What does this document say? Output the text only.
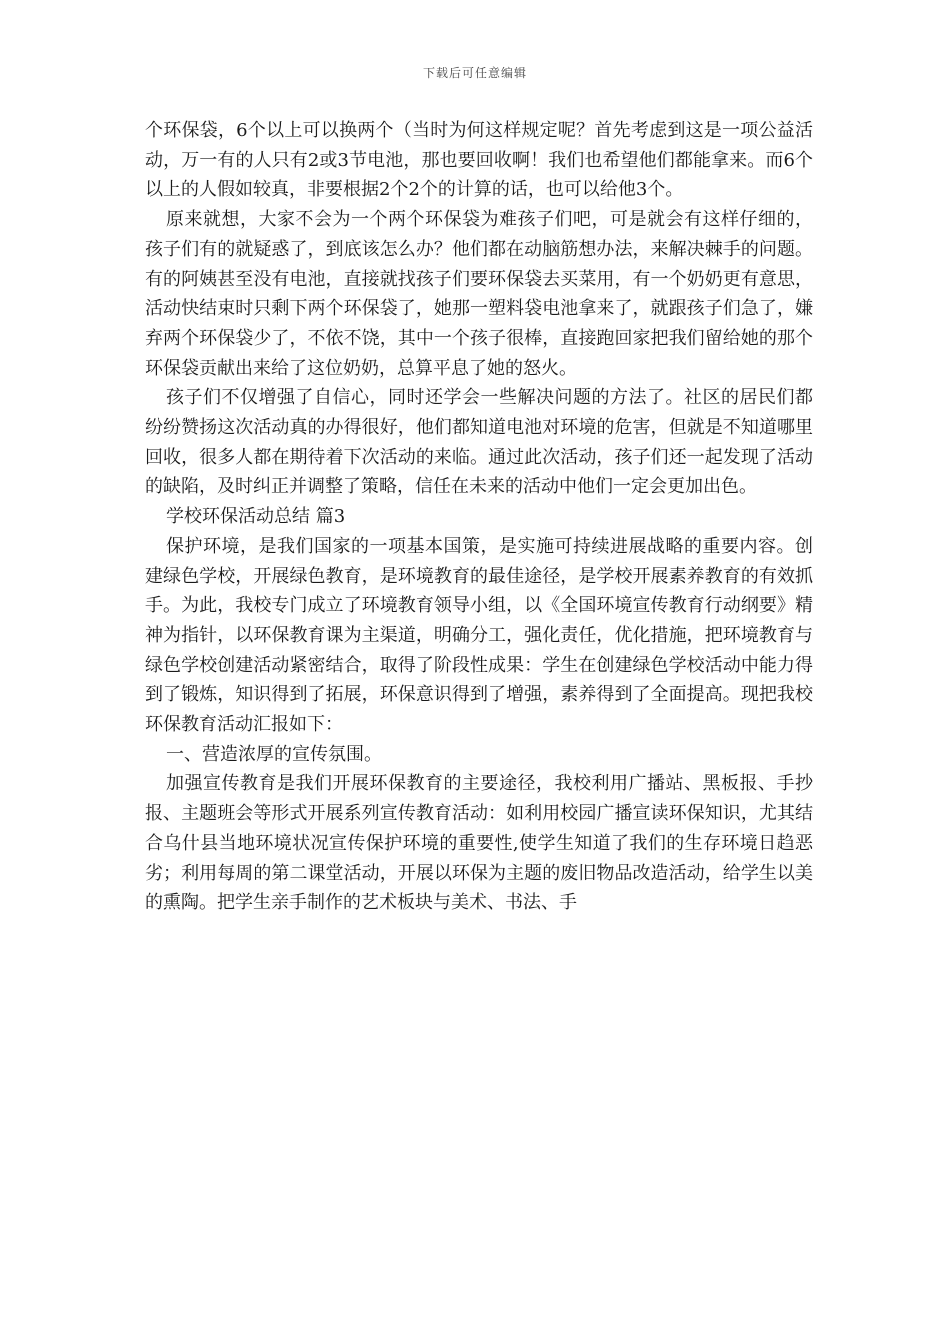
下载后可任意编辑

个环保袋，6个以上可以换两个（当时为何这样规定呢？首先考虑到这是一项公益活动，万一有的人只有2或3节电池，那也要回收啊！我们也希望他们都能拿来。而6个以上的人假如较真，非要根据2个2个的计算的话，也可以给他3个。

原来就想，大家不会为一个两个环保袋为难孩子们吧，可是就会有这样仔细的，孩子们有的就疑惑了，到底该怎么办？他们都在动脑筋想办法，来解决棘手的问题。有的阿姨甚至没有电池，直接就找孩子们要环保袋去买菜用，有一个奶奶更有意思，活动快结束时只剩下两个环保袋了，她那一塑料袋电池拿来了，就跟孩子们急了，嫌弃两个环保袋少了，不依不饶，其中一个孩子很棒，直接跑回家把我们留给她的那个环保袋贡献出来给了这位奶奶，总算平息了她的怒火。

孩子们不仅增强了自信心，同时还学会一些解决问题的方法了。社区的居民们都纷纷赞扬这次活动真的办得很好，他们都知道电池对环境的危害，但就是不知道哪里回收，很多人都在期待着下次活动的来临。通过此次活动，孩子们还一起发现了活动的缺陷，及时纠正并调整了策略，信任在未来的活动中他们一定会更加出色。

学校环保活动总结 篇3

保护环境，是我们国家的一项基本国策，是实施可持续进展战略的重要内容。创建绿色学校，开展绿色教育，是环境教育的最佳途径，是学校开展素养教育的有效抓手。为此，我校专门成立了环境教育领导小组，以《全国环境宣传教育行动纲要》精神为指针，以环保教育课为主渠道，明确分工，强化责任，优化措施，把环境教育与绿色学校创建活动紧密结合，取得了阶段性成果：学生在创建绿色学校活动中能力得到了锻炼，知识得到了拓展，环保意识得到了增强，素养得到了全面提高。现把我校环保教育活动汇报如下：

一、营造浓厚的宣传氛围。

加强宣传教育是我们开展环保教育的主要途径，我校利用广播站、黑板报、手抄报、主题班会等形式开展系列宣传教育活动：如利用校园广播宣读环保知识，尤其结合乌什县当地环境状况宣传保护环境的重要性,使学生知道了我们的生存环境日趋恶劣；利用每周的第二课堂活动，开展以环保为主题的废旧物品改造活动，给学生以美的熏陶。把学生亲手制作的艺术板块与美术、书法、手
